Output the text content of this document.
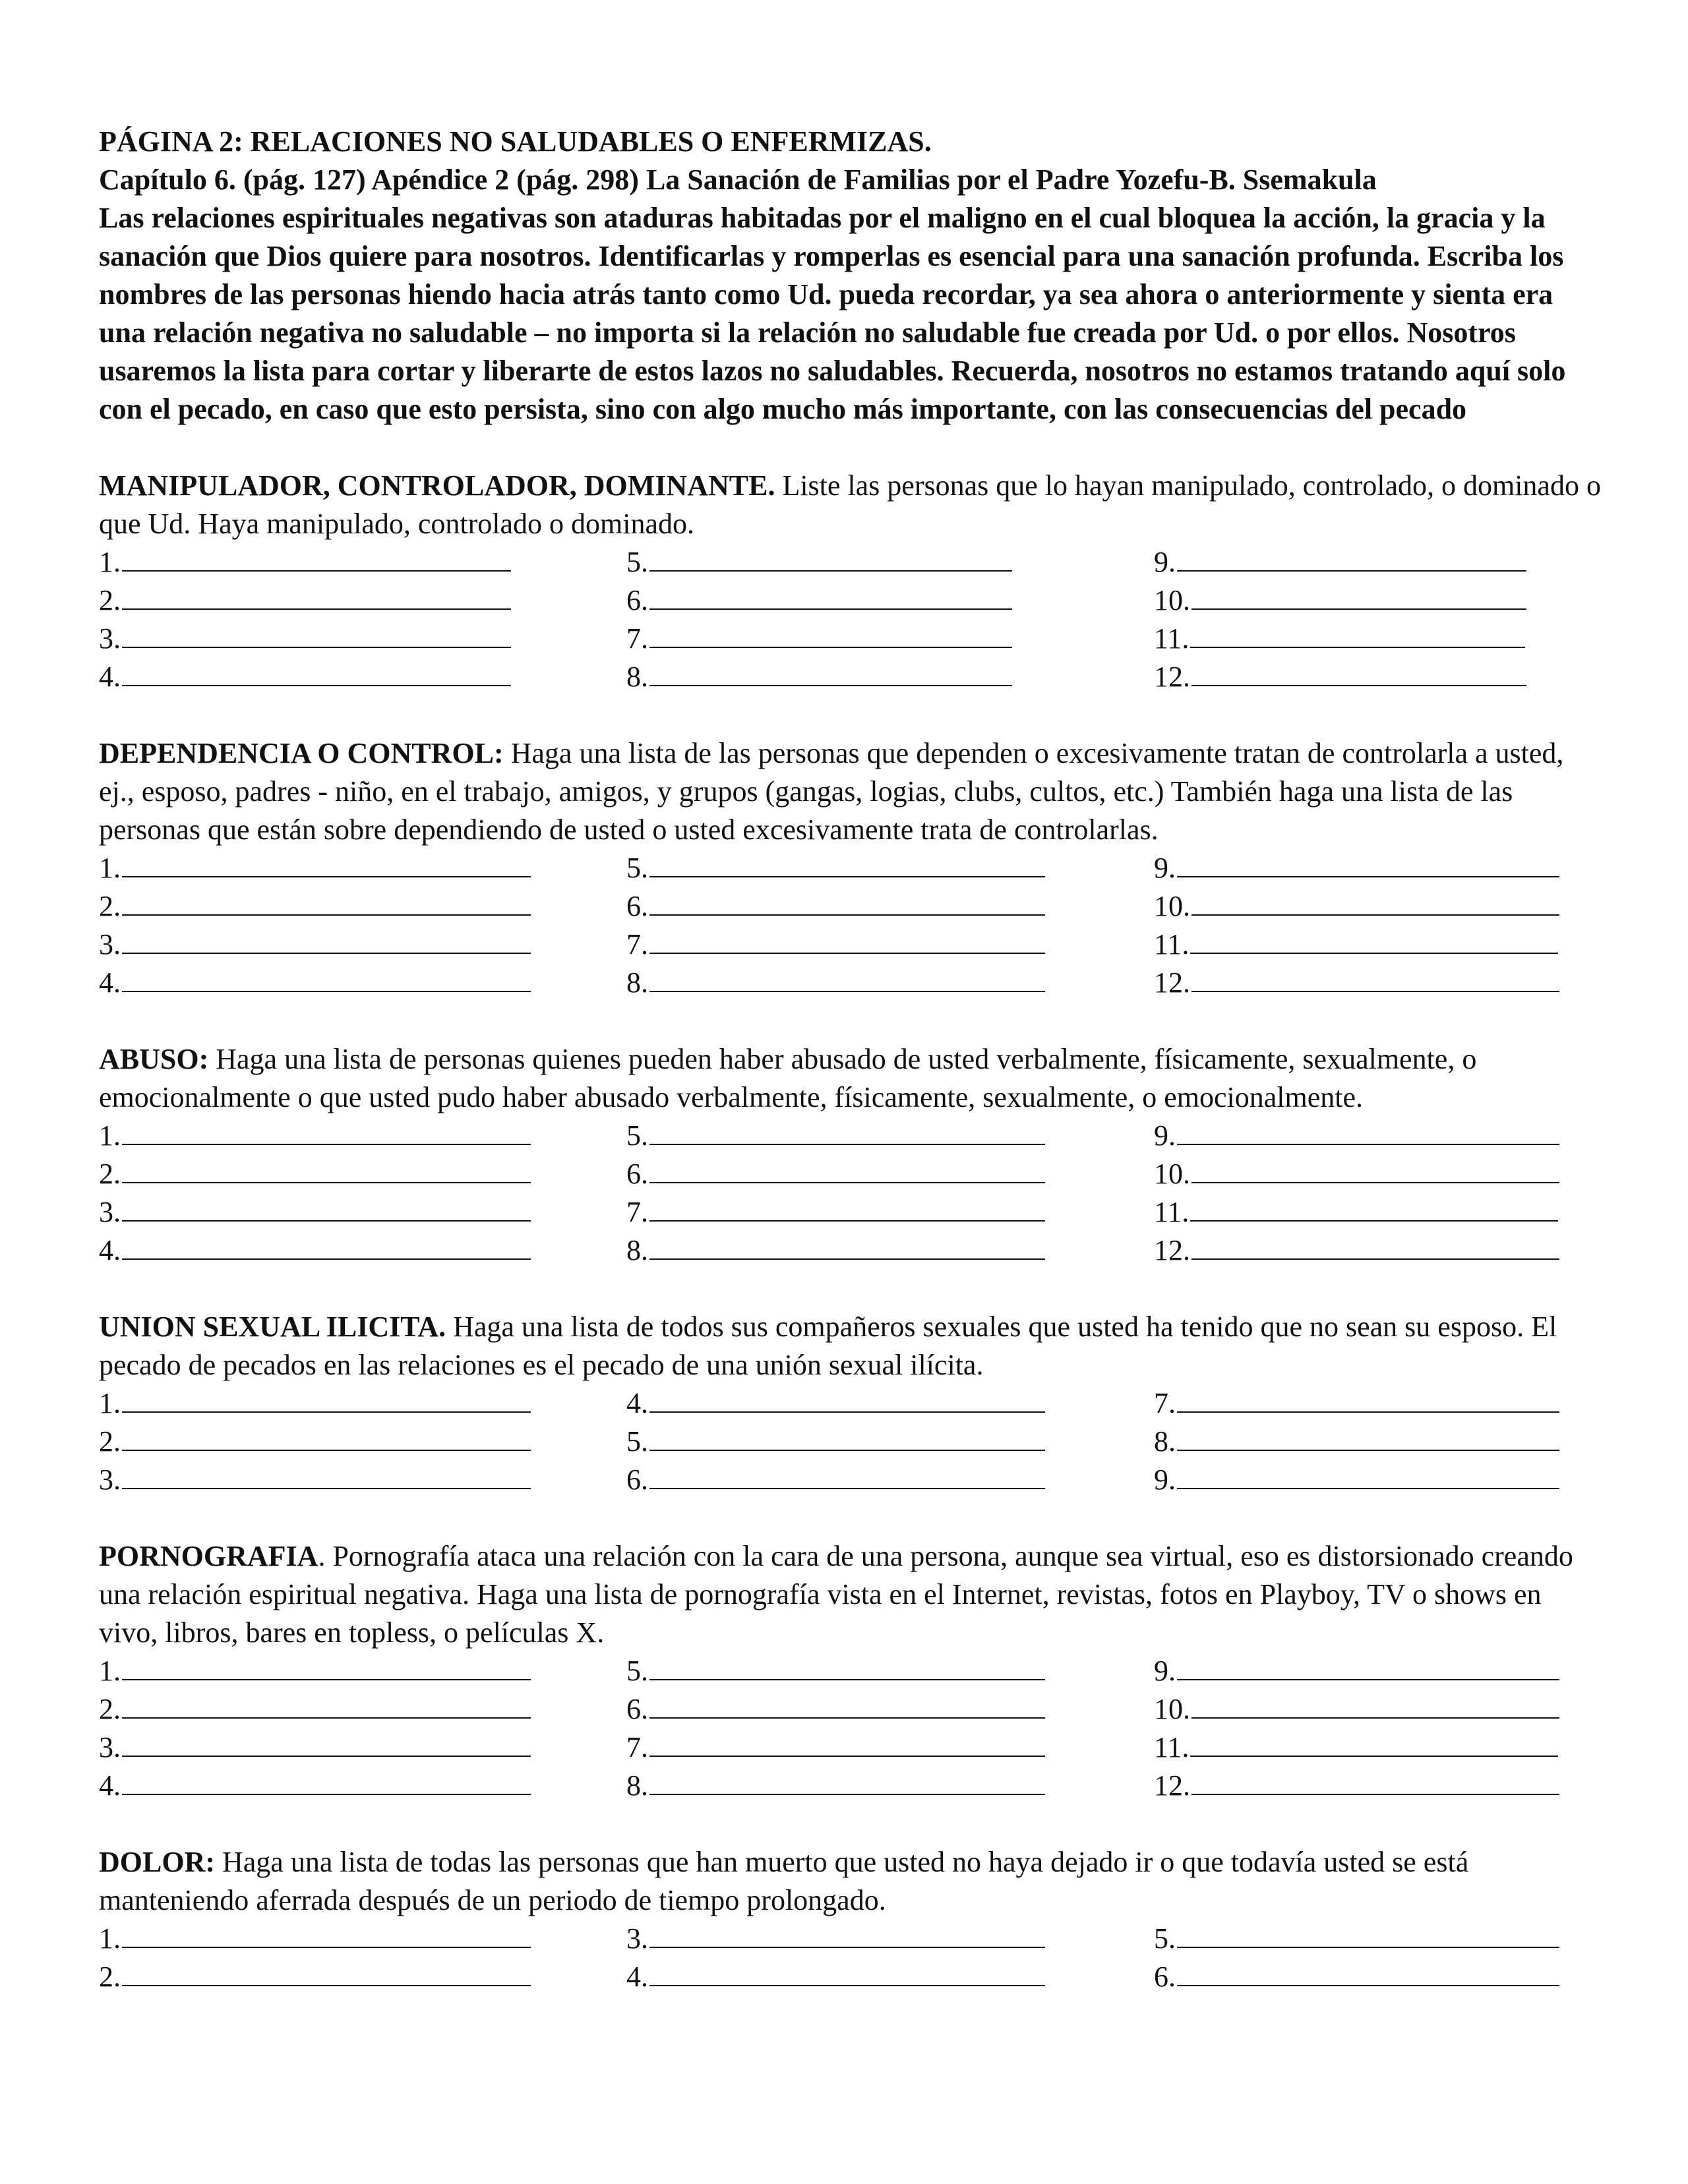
PÁGINA 2: RELACIONES NO SALUDABLES O ENFERMIZAS.

Capítulo 6. (pág. 127) Apéndice 2 (pág. 298) La Sanación de Familias por el Padre Yozefu-B. Ssemakula

Las relaciones espirituales negativas son ataduras habitadas por el maligno en el cual bloquea la acción, la gracia y la sanación que Dios quiere para nosotros. Identificarlas y romperlas es esencial para una sanación profunda. Escriba los nombres de las personas hiendo hacia atrás tanto como Ud. pueda recordar, ya sea ahora o anteriormente y sienta era una relación negativa no saludable – no importa si la relación no saludable fue creada por Ud. o por ellos. Nosotros usaremos la lista para cortar y liberarte de estos lazos no saludables. Recuerda, nosotros no estamos tratando aquí solo con el pecado, en caso que esto persista, sino con algo mucho más importante, con las consecuencias del pecado

MANIPULADOR, CONTROLADOR, DOMINANTE. Liste las personas que lo hayan manipulado, controlado, o dominado o que Ud. Haya manipulado, controlado o dominado.

1.	5.	9.
2.	6.	10.
3.	7.	11.
4.	8.	12.

DEPENDENCIA O CONTROL: Haga una lista de las personas que dependen o excesivamente tratan de controlarla a usted, ej., esposo, padres - niño, en el trabajo, amigos, y grupos (gangas, logias, clubs, cultos, etc.) También haga una lista de las personas que están sobre dependiendo de usted o usted excesivamente trata de controlarlas.

1.	5.	9.
2.	6.	10.
3.	7.	11.
4.	8.	12.

ABUSO: Haga una lista de personas quienes pueden haber abusado de usted verbalmente, físicamente, sexualmente, o emocionalmente o que usted pudo haber abusado verbalmente, físicamente, sexualmente, o emocionalmente.

1.	5.	9.
2.	6.	10.
3.	7.	11.
4.	8.	12.

UNION SEXUAL ILICITA. Haga una lista de todos sus compañeros sexuales que usted ha tenido que no sean su esposo. El pecado de pecados en las relaciones es el pecado de una unión sexual ilícita.

1.	4.	7.
2.	5.	8.
3.	6.	9.

PORNOGRAFIA. Pornografía ataca una relación con la cara de una persona, aunque sea virtual, eso es distorsionado creando una relación espiritual negativa. Haga una lista de pornografía vista en el Internet, revistas, fotos en Playboy, TV o shows en vivo, libros, bares en topless, o películas X.

1.	5.	9.
2.	6.	10.
3.	7.	11.
4.	8.	12.

DOLOR: Haga una lista de todas las personas que han muerto que usted no haya dejado ir o que todavía usted se está manteniendo aferrada después de un periodo de tiempo prolongado.

1.	3.	5.
2.	4.	6.
